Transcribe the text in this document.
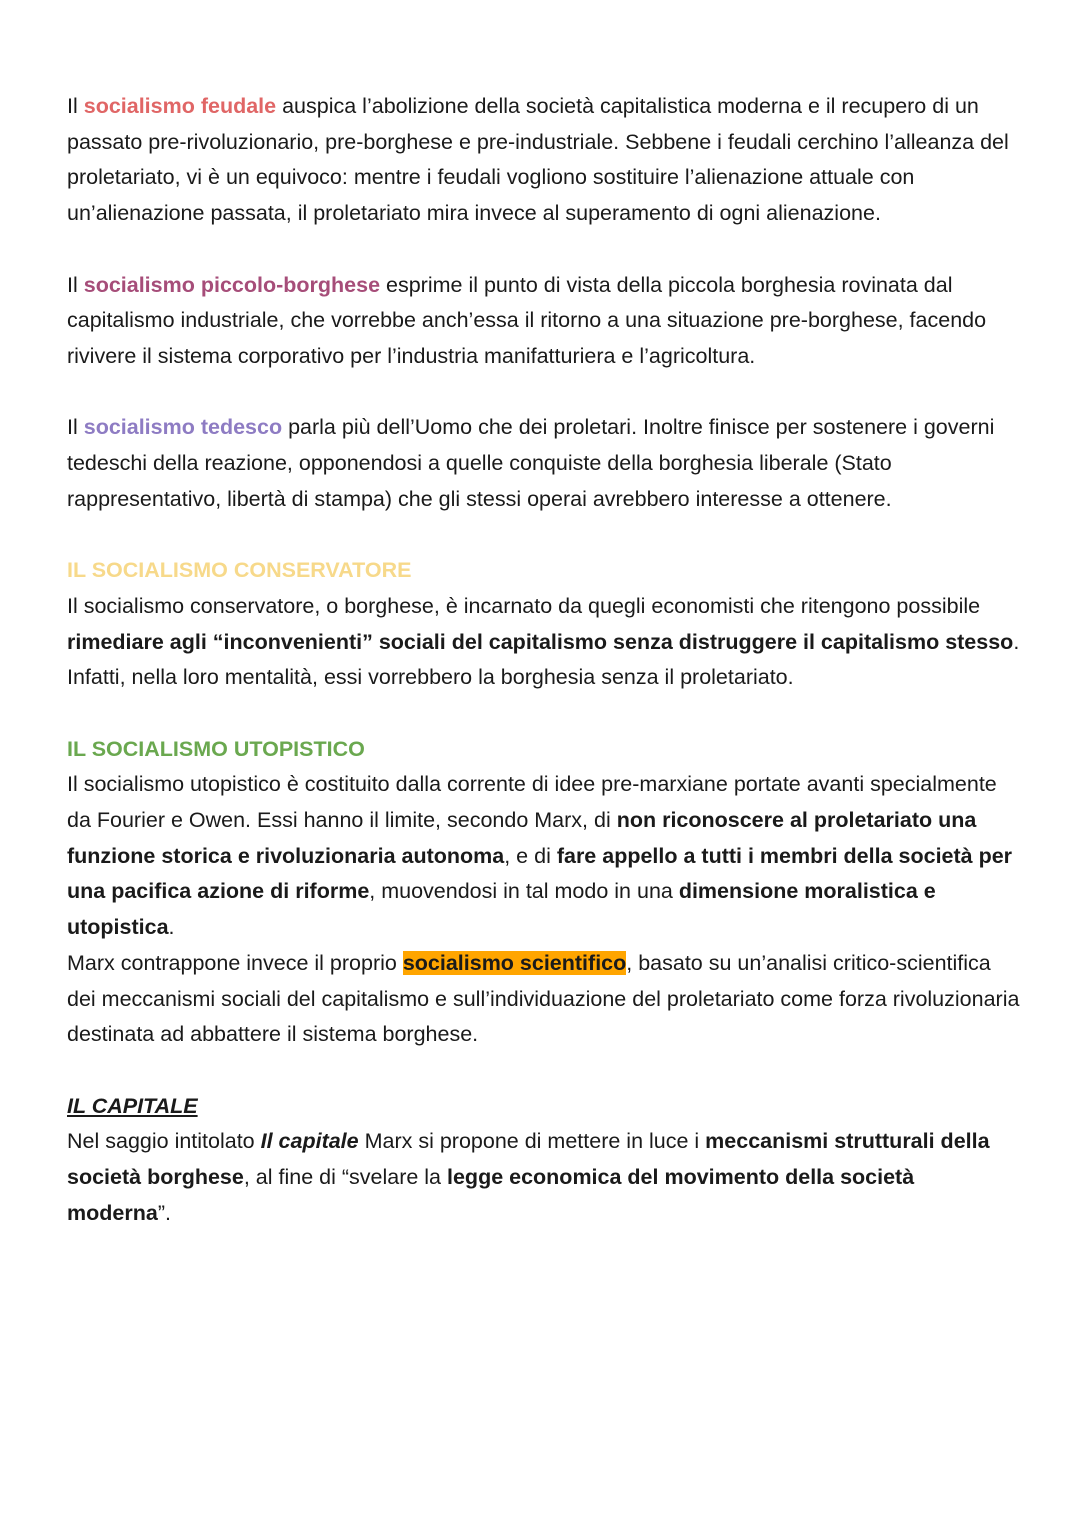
Il socialismo feudale auspica l’abolizione della società capitalistica moderna e il recupero di un passato pre-rivoluzionario, pre-borghese e pre-industriale. Sebbene i feudali cerchino l’alleanza del proletariato, vi è un equivoco: mentre i feudali vogliono sostituire l’alienazione attuale con un’alienazione passata, il proletariato mira invece al superamento di ogni alienazione.

Il socialismo piccolo-borghese esprime il punto di vista della piccola borghesia rovinata dal capitalismo industriale, che vorrebbe anch’essa il ritorno a una situazione pre-borghese, facendo rivivere il sistema corporativo per l’industria manifatturiera e l’agricoltura.

Il socialismo tedesco parla più dell’Uomo che dei proletari. Inoltre finisce per sostenere i governi tedeschi della reazione, opponendosi a quelle conquiste della borghesia liberale (Stato rappresentativo, libertà di stampa) che gli stessi operai avrebbero interesse a ottenere.

IL SOCIALISMO CONSERVATORE

Il socialismo conservatore, o borghese, è incarnato da quegli economisti che ritengono possibile rimediare agli “inconvenienti” sociali del capitalismo senza distruggere il capitalismo stesso. Infatti, nella loro mentalità, essi vorrebbero la borghesia senza il proletariato.

IL SOCIALISMO UTOPISTICO

Il socialismo utopistico è costituito dalla corrente di idee pre-marxiane portate avanti specialmente da Fourier e Owen. Essi hanno il limite, secondo Marx, di non riconoscere al proletariato una funzione storica e rivoluzionaria autonoma, e di fare appello a tutti i membri della società per una pacifica azione di riforme, muovendosi in tal modo in una dimensione moralistica e utopistica.

Marx contrappone invece il proprio socialismo scientifico, basato su un’analisi critico-scientifica dei meccanismi sociali del capitalismo e sull’individuazione del proletariato come forza rivoluzionaria destinata ad abbattere il sistema borghese.

IL CAPITALE

Nel saggio intitolato Il capitale Marx si propone di mettere in luce i meccanismi strutturali della società borghese, al fine di “svelare la legge economica del movimento della società moderna”.
